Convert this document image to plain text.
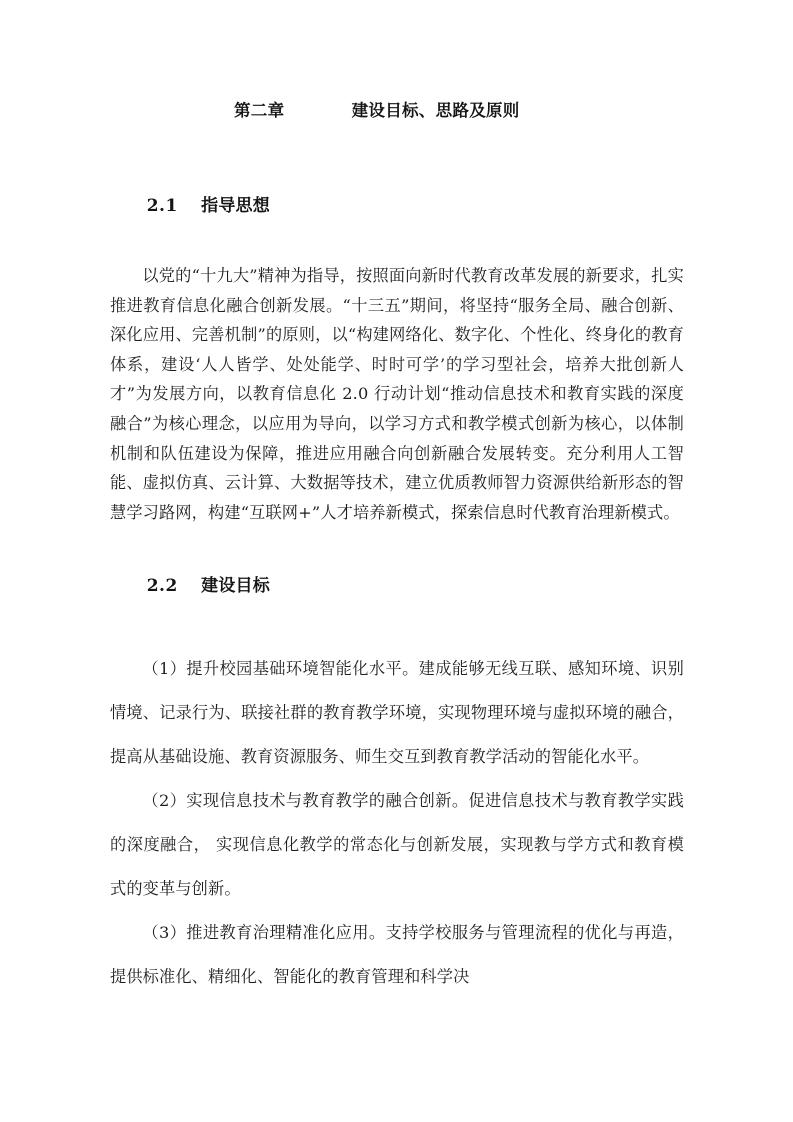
第二章　　　　建设目标、思路及原则

2.1　 指导思想

以党的“十九大”精神为指导，按照面向新时代教育改革发展的新要求，扎实推进教育信息化融合创新发展。“十三五”期间，将坚持“服务全局、融合创新、深化应用、完善机制”的原则，以“构建网络化、数字化、个性化、终身化的教育体系，建设‘人人皆学、处处能学、时时可学’的学习型社会，培养大批创新人才”为发展方向，以教育信息化 2.0 行动计划“推动信息技术和教育实践的深度融合”为核心理念，以应用为导向，以学习方式和教学模式创新为核心，以体制机制和队伍建设为保障，推进应用融合向创新融合发展转变。充分利用人工智能、虚拟仿真、云计算、大数据等技术，建立优质教师智力资源供给新形态的智慧学习路网，构建“互联网+”人才培养新模式，探索信息时代教育治理新模式。

2.2　 建设目标

（1）提升校园基础环境智能化水平。建成能够无线互联、感知环境、识别情境、记录行为、联接社群的教育教学环境，实现物理环境与虚拟环境的融合，提高从基础设施、教育资源服务、师生交互到教育教学活动的智能化水平。

（2）实现信息技术与教育教学的融合创新。促进信息技术与教育教学实践的深度融合， 实现信息化教学的常态化与创新发展，实现教与学方式和教育模式的变革与创新。

（3）推进教育治理精准化应用。支持学校服务与管理流程的优化与再造，提供标准化、精细化、智能化的教育管理和科学决
